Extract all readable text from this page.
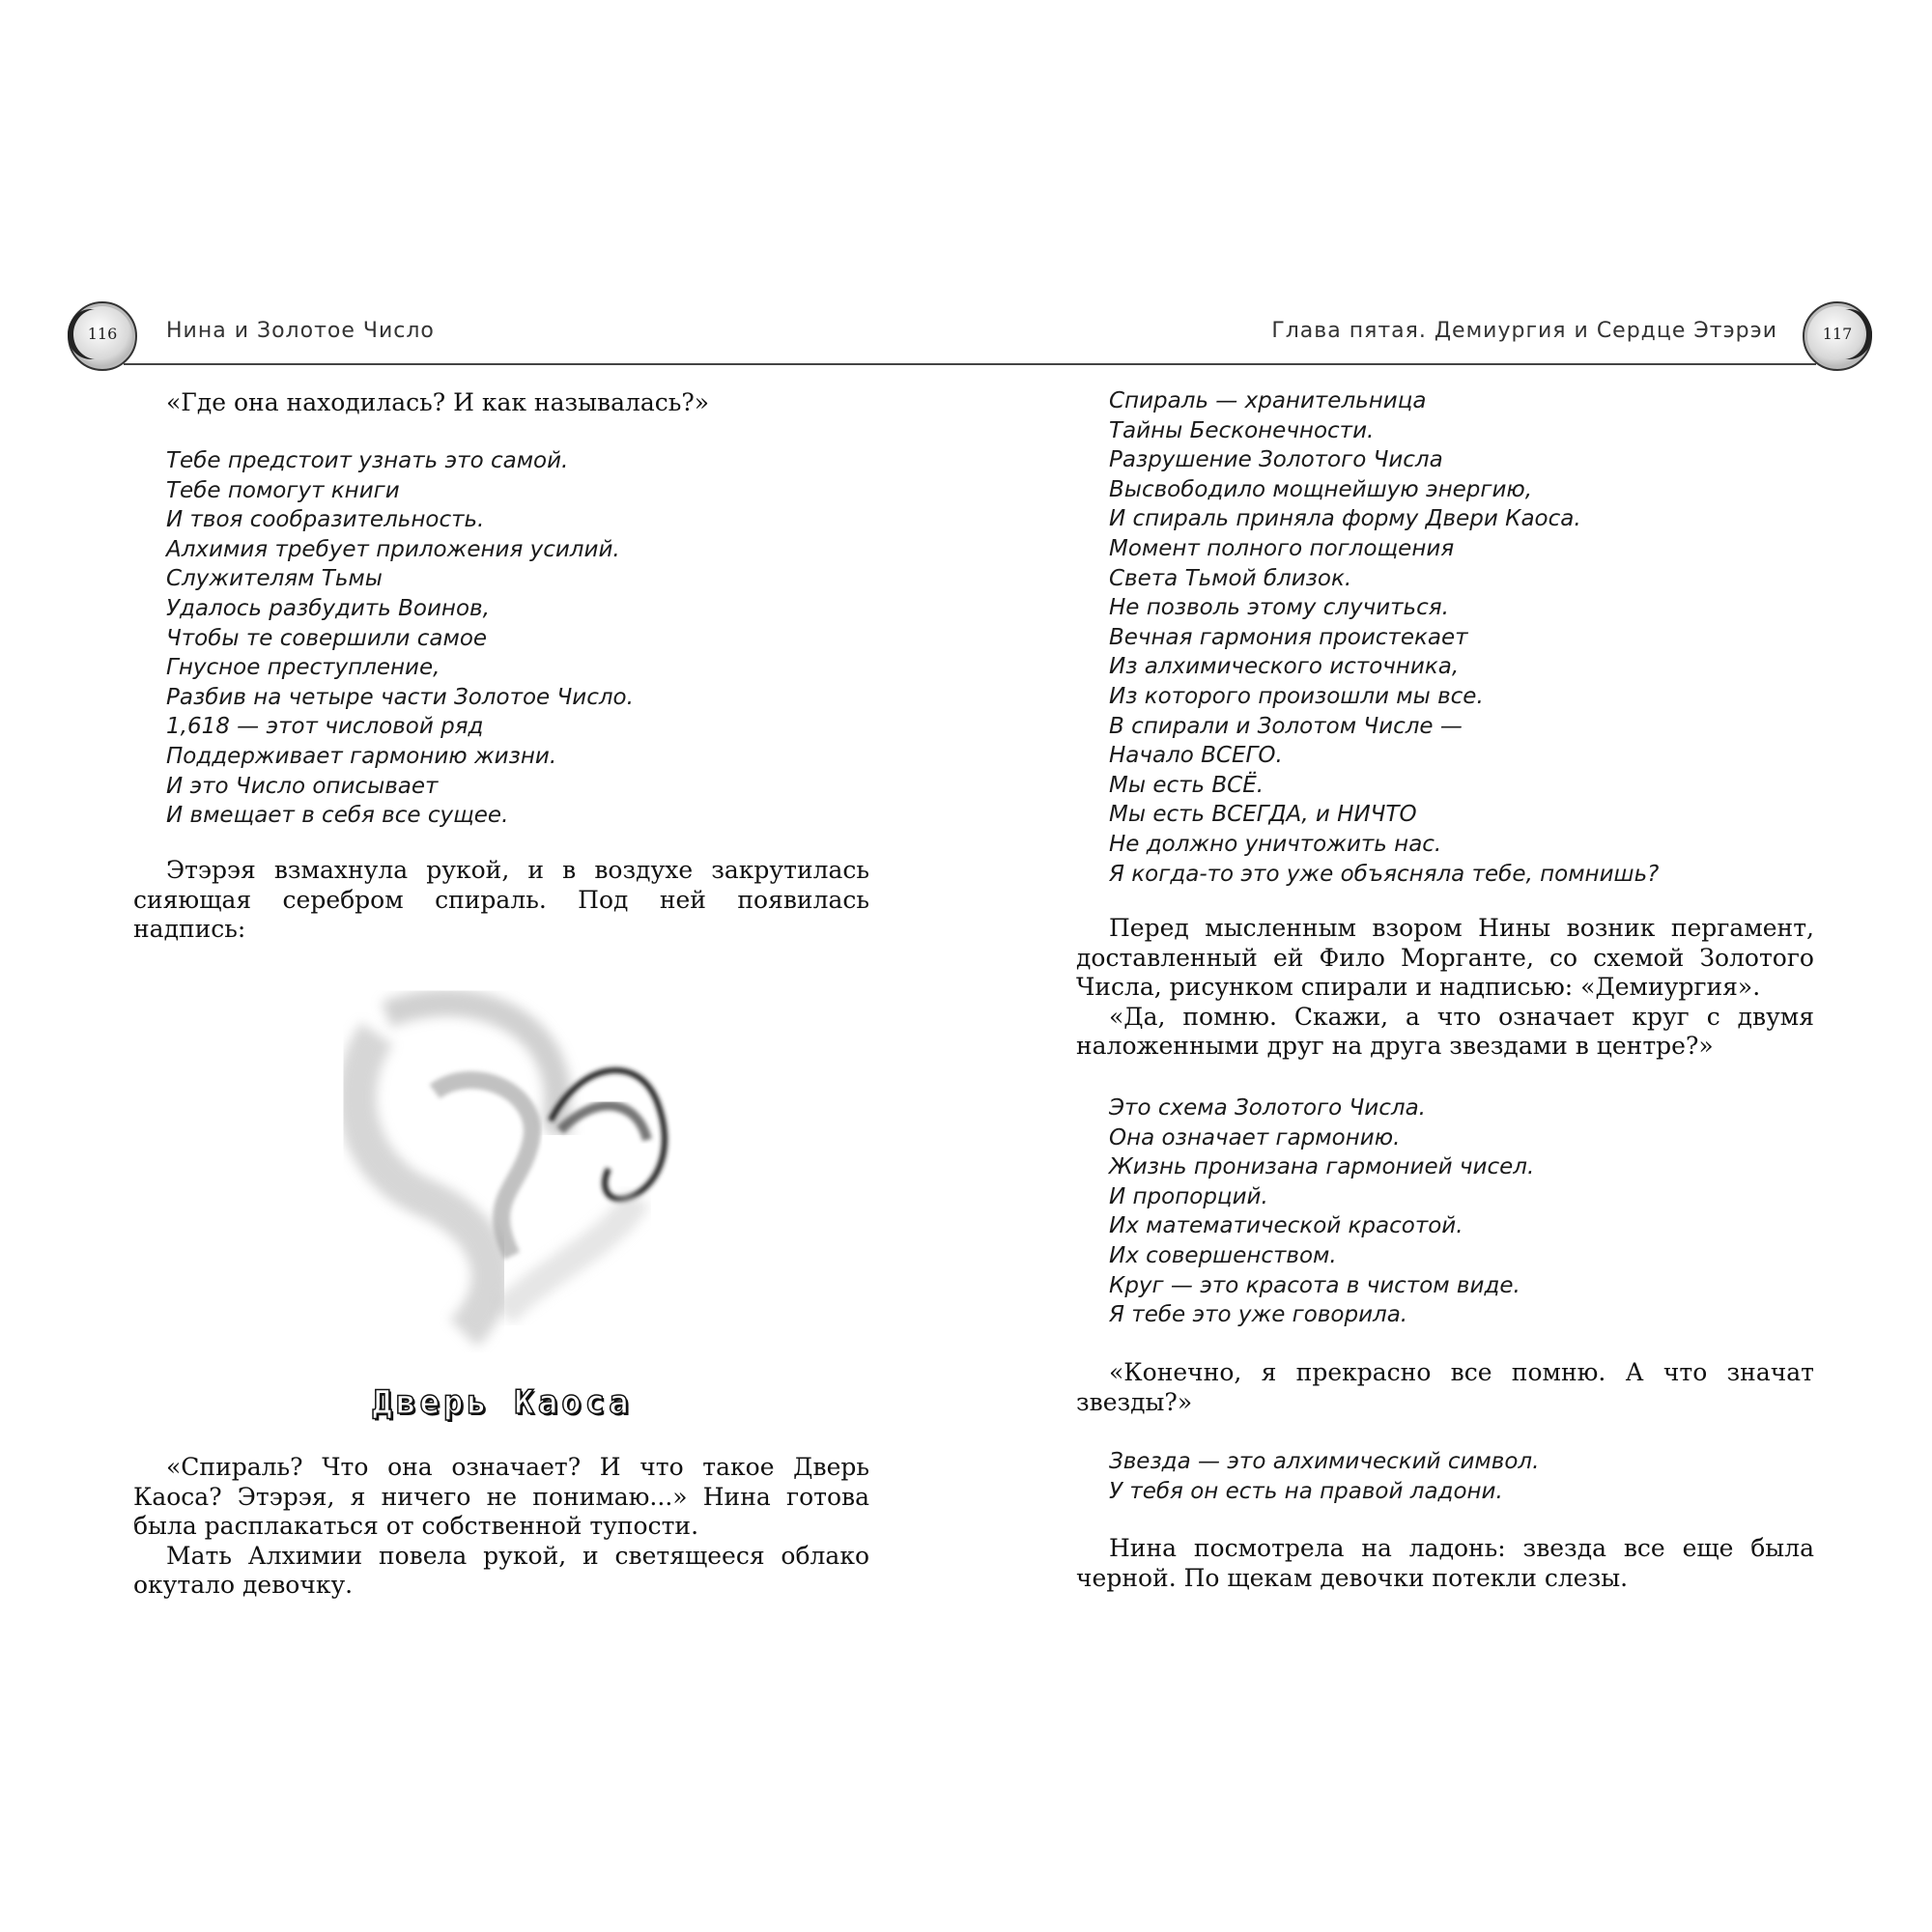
116	Нина и Золотое Число

«Где она находилась? И как называлась?»

Тебе предстоит узнать это самой.
Тебе помогут книги
И твоя сообразительность.
Алхимия требует приложения усилий.
Служителям Тьмы
Удалось разбудить Воинов,
Чтобы те совершили самое
Гнусное преступление,
Разбив на четыре части Золотое Число.
1,618 — этот числовой ряд
Поддерживает гармонию жизни.
И это Число описывает
И вмещает в себя все сущее.

Этэрэя взмахнула рукой, и в воздухе закрутилась сияющая серебром спираль. Под ней появилась надпись:

Дверь Каоса

«Спираль? Что она означает? И что такое Дверь Каоса? Этэрэя, я ничего не понимаю...» Нина готова была расплакаться от собственной тупости.

Мать Алхимии повела рукой, и светящееся облако окутало девочку.

Глава пятая. Демиургия и Сердце Этэрэи	117
Спираль — хранительница
Тайны Бесконечности.
Разрушение Золотого Числа
Высвободило мощнейшую энергию,
И спираль приняла форму Двери Каоса.
Момент полного поглощения
Света Тьмой близок.
Не позволь этому случиться.
Вечная гармония проистекает
Из алхимического источника,
Из которого произошли мы все.
В спирали и Золотом Числе —
Начало ВСЕГО.
Мы есть ВСЁ.
Мы есть ВСЕГДА, и НИЧТО
Не должно уничтожить нас.
Я когда-то это уже объясняла тебе, помнишь?

Перед мысленным взором Нины возник пергамент, доставленный ей Фило Морганте, со схемой Золотого Числа, рисунком спирали и надписью: «Демиургия».

«Да, помню. Скажи, а что означает круг с двумя наложенными друг на друга звездами в центре?»

Это схема Золотого Числа.
Она означает гармонию.
Жизнь пронизана гармонией чисел.
И пропорций.
Их математической красотой.
Их совершенством.
Круг — это красота в чистом виде.
Я тебе это уже говорила.

«Конечно, я прекрасно все помню. А что значат звезды?»

Звезда — это алхимический символ.
У тебя он есть на правой ладони.

Нина посмотрела на ладонь: звезда все еще была черной. По щекам девочки потекли слезы.
